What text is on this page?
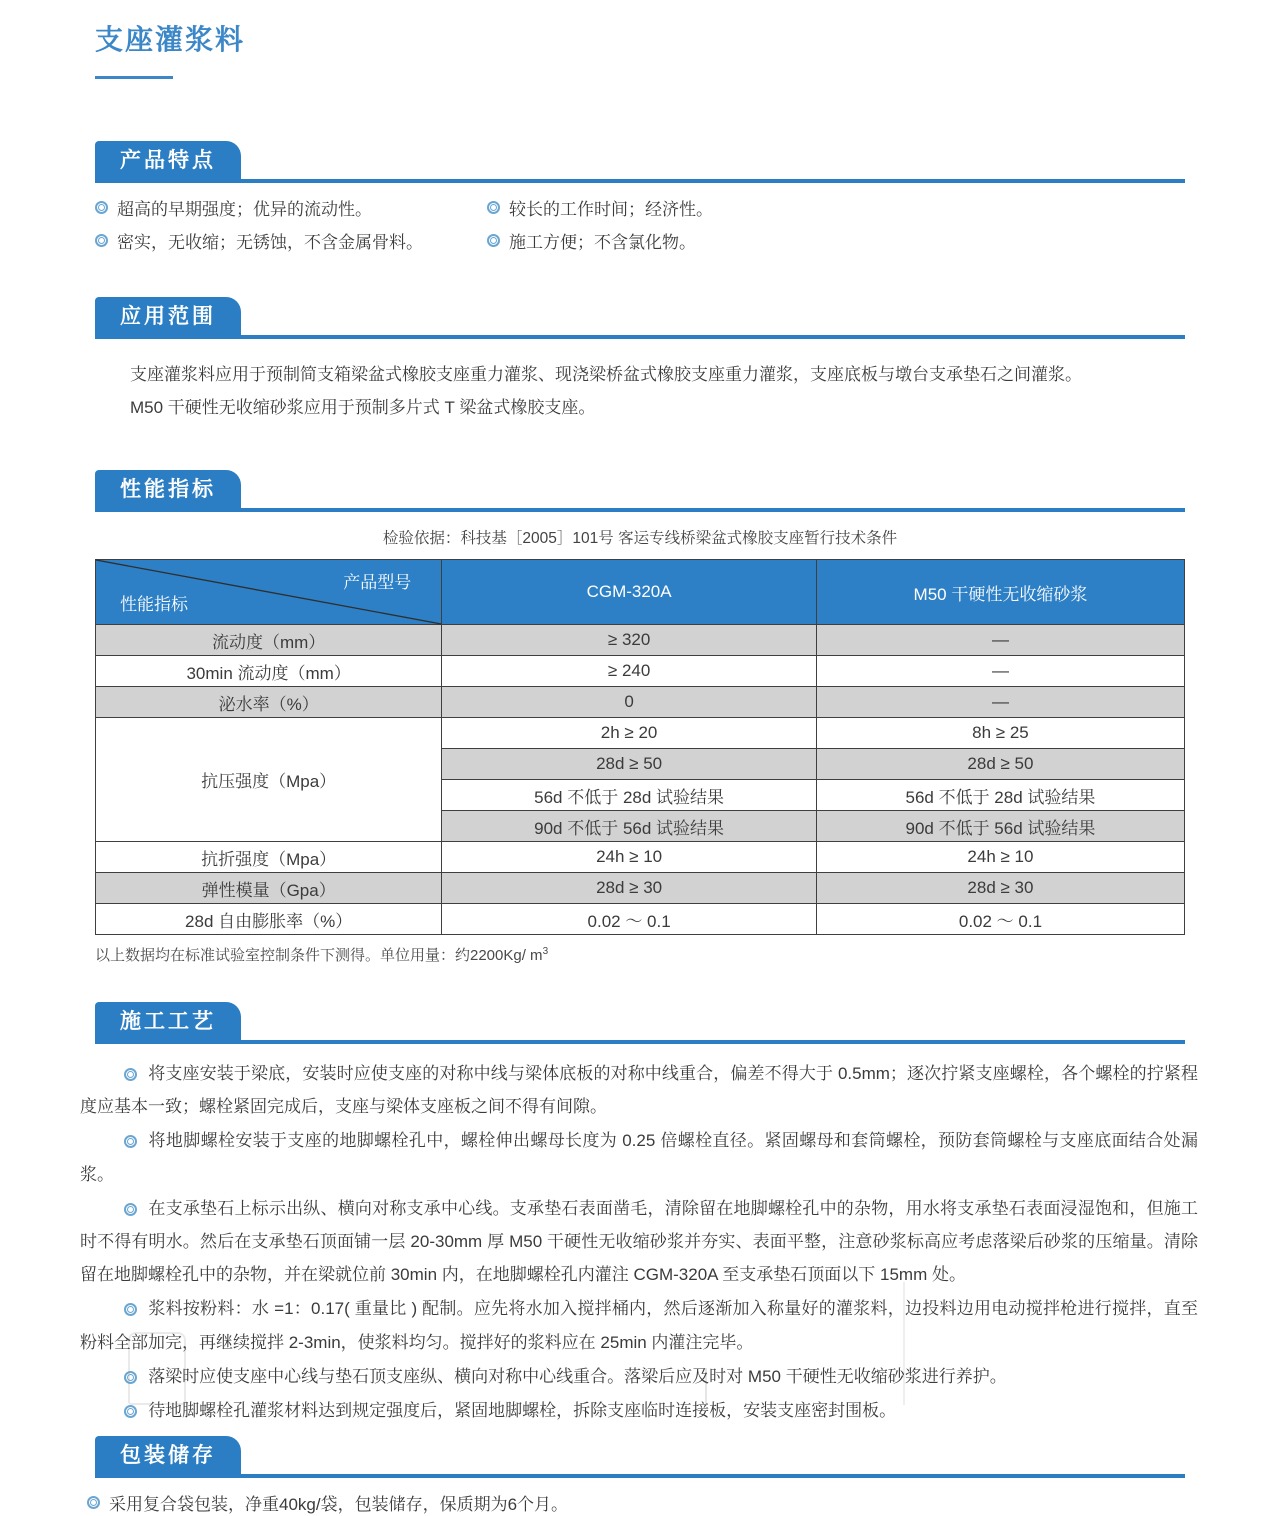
支座灌浆料
产品特点
超高的早期强度；优异的流动性。	较长的工作时间；经济性。
密实，无收缩；无锈蚀，不含金属骨料。	施工方便；不含氯化物。
应用范围
支座灌浆料应用于预制简支箱梁盆式橡胶支座重力灌浆、现浇梁桥盆式橡胶支座重力灌浆，支座底板与墩台支承垫石之间灌浆。
M50 干硬性无收缩砂浆应用于预制多片式 T 梁盆式橡胶支座。
性能指标
检验依据：科技基［2005］101号 客运专线桥梁盆式橡胶支座暂行技术条件
产品型号
性能指标	CGM-320A	M50 干硬性无收缩砂浆
流动度（mm）	≥ 320	—
30min 流动度（mm）	≥ 240	—
泌水率（%）	0	—
抗压强度（Mpa）	2h ≥ 20	8h ≥ 25
	28d ≥ 50	28d ≥ 50
	56d 不低于 28d 试验结果	56d 不低于 28d 试验结果
	90d 不低于 56d 试验结果	90d 不低于 56d 试验结果
抗折强度（Mpa）	24h ≥ 10	24h ≥ 10
弹性模量（Gpa）	28d ≥ 30	28d ≥ 30
28d 自由膨胀率（%）	0.02 ～ 0.1	0.02 ～ 0.1
以上数据均在标准试验室控制条件下测得。单位用量：约2200Kg/ $m^3$
施工工艺

将支座安装于梁底，安装时应使支座的对称中线与梁体底板的对称中线重合，偏差不得大于 0.5mm；逐次拧紧支座螺栓，各个螺栓的拧紧程度应基本一致；螺栓紧固完成后，支座与梁体支座板之间不得有间隙。

将地脚螺栓安装于支座的地脚螺栓孔中，螺栓伸出螺母长度为 0.25 倍螺栓直径。紧固螺母和套筒螺栓，预防套筒螺栓与支座底面结合处漏浆。

在支承垫石上标示出纵、横向对称支承中心线。支承垫石表面凿毛，清除留在地脚螺栓孔中的杂物，用水将支承垫石表面浸湿饱和，但施工时不得有明水。然后在支承垫石顶面铺一层 20-30mm 厚 M50 干硬性无收缩砂浆并夯实、表面平整，注意砂浆标高应考虑落梁后砂浆的压缩量。清除留在地脚螺栓孔中的杂物，并在梁就位前 30min 内，在地脚螺栓孔内灌注 CGM-320A 至支承垫石顶面以下 15mm 处。

浆料按粉料：水 =1：0.17( 重量比 ) 配制。应先将水加入搅拌桶内，然后逐渐加入称量好的灌浆料，边投料边用电动搅拌枪进行搅拌，直至粉料全部加完，再继续搅拌 2-3min，使浆料均匀。搅拌好的浆料应在 25min 内灌注完毕。

落梁时应使支座中心线与垫石顶支座纵、横向对称中心线重合。落梁后应及时对 M50 干硬性无收缩砂浆进行养护。

待地脚螺栓孔灌浆材料达到规定强度后，紧固地脚螺栓，拆除支座临时连接板，安装支座密封围板。

包装储存
采用复合袋包装，净重40kg/袋，包装储存，保质期为6个月。
